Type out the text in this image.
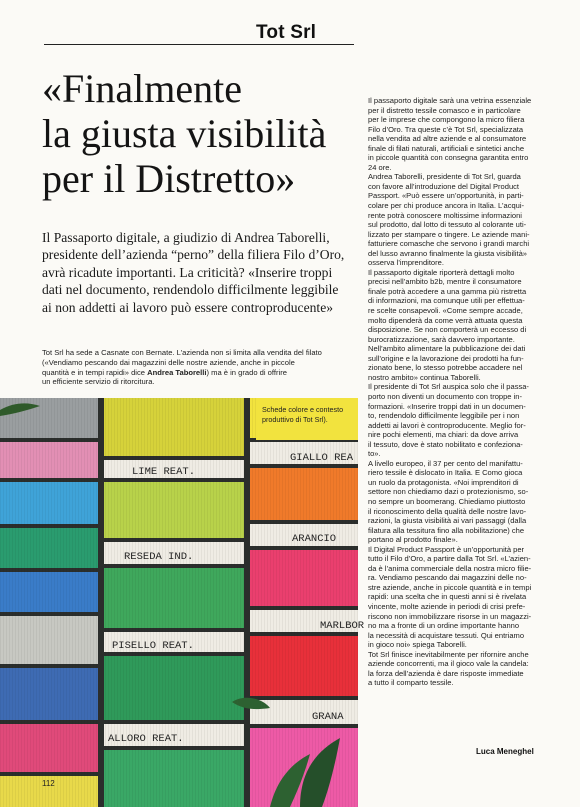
Tot Srl
«Finalmente
la giusta visibilità
per il Distretto»
Il Passaporto digitale, a giudizio di Andrea Taborelli,
presidente dell’azienda “perno” della filiera Filo d’Oro,
avrà ricadute importanti. La criticità? «Inserire troppi
dati nel documento, rendendolo difficilmente leggibile
ai non addetti ai lavoro può essere controproducente»
Tot Srl ha sede a Casnate con Bernate. L’azienda non si limita alla vendita del filato
(«Vendiamo pescando dai magazzini delle nostre aziende, anche in piccole
quantità e in tempi rapidi» dice Andrea Taborelli) ma è in grado di offrire
un efficiente servizio di ritorcitura.
LIME REAT.
RESEDA IND.
PISELLO REAT.
ALLORO REAT.
GIALLO REA
ARANCIO
MARLBOR
GRANA
Schede colore e contesto
produttivo di Tot Srl).
Il passaporto digitale sarà una vetrina essenziale
per il distretto tessile comasco e in particolare
per le imprese che compongono la micro filiera
Filo d’Oro. Tra queste c’è Tot Srl, specializzata
nella vendita ad altre aziende e al consumatore
finale di filati naturali, artificiali e sintetici anche
in piccole quantità con consegna garantita entro
24 ore.
Andrea Taborelli, presidente di Tot Srl, guarda
con favore all’introduzione del Digital Product
Passport. «Può essere un’opportunità, in parti-
colare per chi produce ancora in Italia. L’acqui-
rente potrà conoscere moltissime informazioni
sul prodotto, dal lotto di tessuto al colorante uti-
lizzato per stampare o tingere. Le aziende mani-
fatturiere comasche che servono i grandi marchi
del lusso avranno finalmente la giusta visibilità»
osserva l’imprenditore.
Il passaporto digitale riporterà dettagli molto
precisi nell’ambito b2b, mentre il consumatore
finale potrà accedere a una gamma più ristretta
di informazioni, ma comunque utili per effettua-
re scelte consapevoli. «Come sempre accade,
molto dipenderà da come verrà attuata questa
disposizione. Se non comporterà un eccesso di
burocratizzazione, sarà davvero importante.
Nell’ambito alimentare la pubblicazione dei dati
sull’origine e la lavorazione dei prodotti ha fun-
zionato bene, lo stesso potrebbe accadere nel
nostro ambito» continua Taborelli.
Il presidente di Tot Srl auspica solo che il passa-
porto non diventi un documento con troppe in-
formazioni. «Inserire troppi dati in un documen-
to, rendendolo difficilmente leggibile per i non
addetti ai lavori è controproducente. Meglio for-
nire pochi elementi, ma chiari: da dove arriva
il tessuto, dove è stato nobilitato e confeziona-
to».
A livello europeo, il 37 per cento del manifattu-
riero tessile è dislocato in Italia. E Como gioca
un ruolo da protagonista. «Noi imprenditori di
settore non chiediamo dazi o protezionismo, so-
no sempre un boomerang. Chiediamo piuttosto
il riconoscimento della qualità delle nostre lavo-
razioni, la giusta visibilità ai vari passaggi (dalla
filatura alla tessitura fino alla nobilitazione) che
portano al prodotto finale».
Il Digital Product Passport è un’opportunità per
tutto il Filo d’Oro, a partire dalla Tot Srl. «L’azien-
da è l’anima commerciale della nostra micro filie-
ra. Vendiamo pescando dai magazzini delle no-
stre aziende, anche in piccole quantità e in tempi
rapidi: una scelta che in questi anni si è rivelata
vincente, molte aziende in periodi di crisi prefe-
riscono non immobilizzare risorse in un magazzi-
no ma a fronte di un ordine importante hanno
la necessità di acquistare tessuti. Qui entriamo
in gioco noi» spiega Taborelli.
Tot Srl finisce inevitabilmente per rifornire anche
aziende concorrenti, ma il gioco vale la candela:
la forza dell’azienda è dare risposte immediate
a tutto il comparto tessile.
Luca Meneghel
112
